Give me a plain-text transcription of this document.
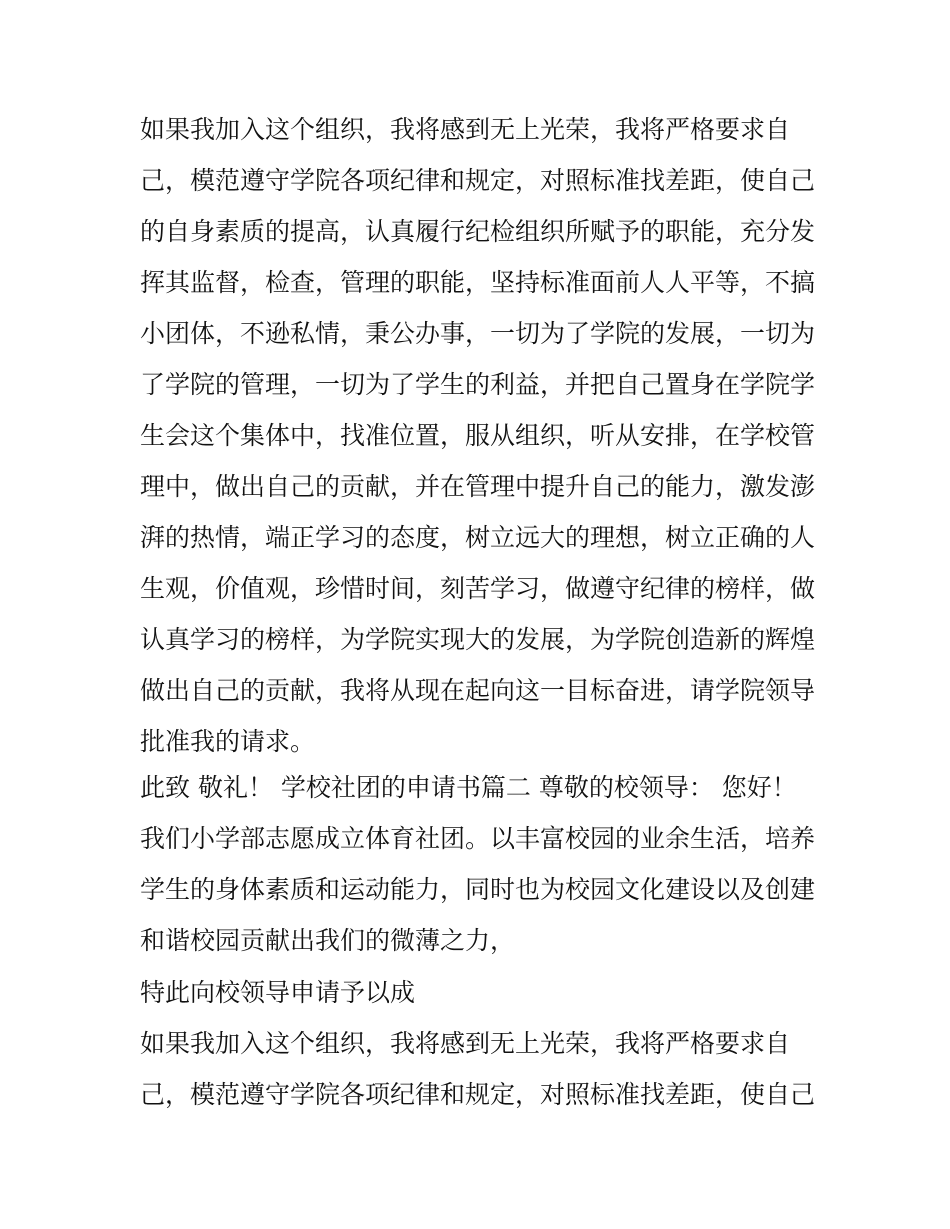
如果我加入这个组织，我将感到无上光荣，我将严格要求自
己，模范遵守学院各项纪律和规定，对照标准找差距，使自己
的自身素质的提高，认真履行纪检组织所赋予的职能，充分发
挥其监督，检查，管理的职能，坚持标准面前人人平等，不搞
小团体，不逊私情，秉公办事，一切为了学院的发展，一切为
了学院的管理，一切为了学生的利益，并把自己置身在学院学
生会这个集体中，找准位置，服从组织，听从安排，在学校管
理中，做出自己的贡献，并在管理中提升自己的能力，激发澎
湃的热情，端正学习的态度，树立远大的理想，树立正确的人
生观，价值观，珍惜时间，刻苦学习，做遵守纪律的榜样，做
认真学习的榜样，为学院实现大的发展，为学院创造新的辉煌
做出自己的贡献，我将从现在起向这一目标奋进，请学院领导
批准我的请求。
此致 敬礼！ 学校社团的申请书篇二 尊敬的校领导： 您好！
我们小学部志愿成立体育社团。以丰富校园的业余生活，培养
学生的身体素质和运动能力，同时也为校园文化建设以及创建
和谐校园贡献出我们的微薄之力，
特此向校领导申请予以成
如果我加入这个组织，我将感到无上光荣，我将严格要求自
己，模范遵守学院各项纪律和规定，对照标准找差距，使自己
